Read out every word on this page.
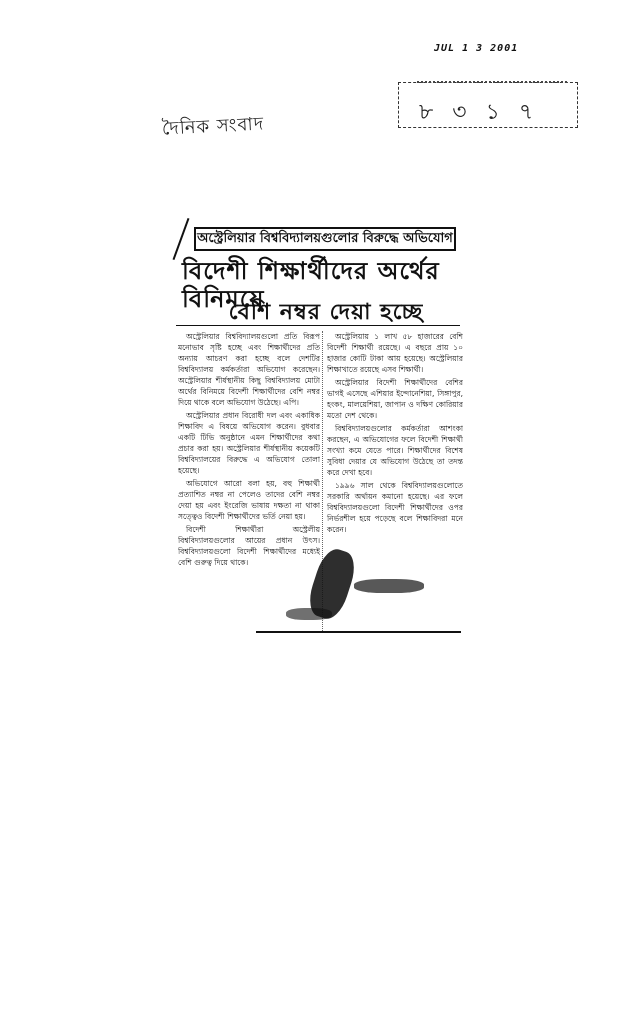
JUL 1 3 2001
৮ ৩ ১ ৭
দৈনিক সংবাদ
অস্ট্রেলিয়ার বিশ্ববিদ্যালয়গুলোর বিরুদ্ধে অভিযোগ
বিদেশী শিক্ষার্থীদের অর্থের বিনিময়ে
বেশি নম্বর দেয়া হচ্ছে

অস্ট্রেলিয়ার বিশ্ববিদ্যালয়গুলো প্রতি বিরূপ মনোভাব সৃষ্টি হচ্ছে এবং শিক্ষার্থীদের প্রতি অন্যায় আচরণ করা হচ্ছে বলে দেশটির বিশ্ববিদ্যালয় কর্মকর্তারা অভিযোগ করেছেন। অস্ট্রেলিয়ার শীর্ষস্থানীয় কিছু বিশ্ববিদ্যালয় মোটা অর্থের বিনিময়ে বিদেশী শিক্ষার্থীদের বেশি নম্বর দিয়ে থাকে বলে অভিযোগ উঠেছে। এপি।

অস্ট্রেলিয়ার প্রধান বিরোধী দল এবং একাধিক শিক্ষাবিদ এ বিষয়ে অভিযোগ করেন। বুধবার একটি টিভি অনুষ্ঠানে এমন শিক্ষার্থীদের কথা প্রচার করা হয়। অস্ট্রেলিয়ার শীর্ষস্থানীয় কয়েকটি বিশ্ববিদ্যালয়ের বিরুদ্ধে এ অভিযোগ তোলা হয়েছে।

অভিযোগে আরো বলা হয়, বহু শিক্ষার্থী প্রত্যাশিত নম্বর না পেলেও তাদের বেশি নম্বর দেয়া হয় এবং ইংরেজি ভাষায় দক্ষতা না থাকা সত্ত্বেও বিদেশী শিক্ষার্থীদের ভর্তি নেয়া হয়।

বিদেশী শিক্ষার্থীরা অস্ট্রেলীয় বিশ্ববিদ্যালয়গুলোর আয়ের প্রধান উৎস। বিশ্ববিদ্যালয়গুলো বিদেশী শিক্ষার্থীদের মধ্যেই বেশি গুরুত্ব দিয়ে থাকে।

অস্ট্রেলিয়ায় ১ লাখ ৫৮ হাজারের বেশি বিদেশী শিক্ষার্থী রয়েছে। এ বছরে প্রায় ১০ হাজার কোটি টাকা আয় হয়েছে। অস্ট্রেলিয়ার শিক্ষাখাতে রয়েছে এসব শিক্ষার্থী।

অস্ট্রেলিয়ার বিদেশী শিক্ষার্থীদের বেশির ভাগই এসেছে এশিয়ার ইন্দোনেশিয়া, সিঙ্গাপুর, হংকং, মালয়েশিয়া, জাপান ও দক্ষিণ কোরিয়ার মতো দেশ থেকে।

বিশ্ববিদ্যালয়গুলোর কর্মকর্তারা আশংকা করছেন, এ অভিযোগের ফলে বিদেশী শিক্ষার্থী সংখ্যা কমে যেতে পারে। শিক্ষার্থীদের বিশেষ সুবিধা দেয়ার যে অভিযোগ উঠেছে তা তদন্ত করে দেখা হবে।

১৯৯৬ সাল থেকে বিশ্ববিদ্যালয়গুলোতে সরকারি অর্থায়ন কমানো হয়েছে। এর ফলে বিশ্ববিদ্যালয়গুলো বিদেশী শিক্ষার্থীদের ওপর নির্ভরশীল হয়ে পড়েছে বলে শিক্ষাবিদরা মনে করেন।
